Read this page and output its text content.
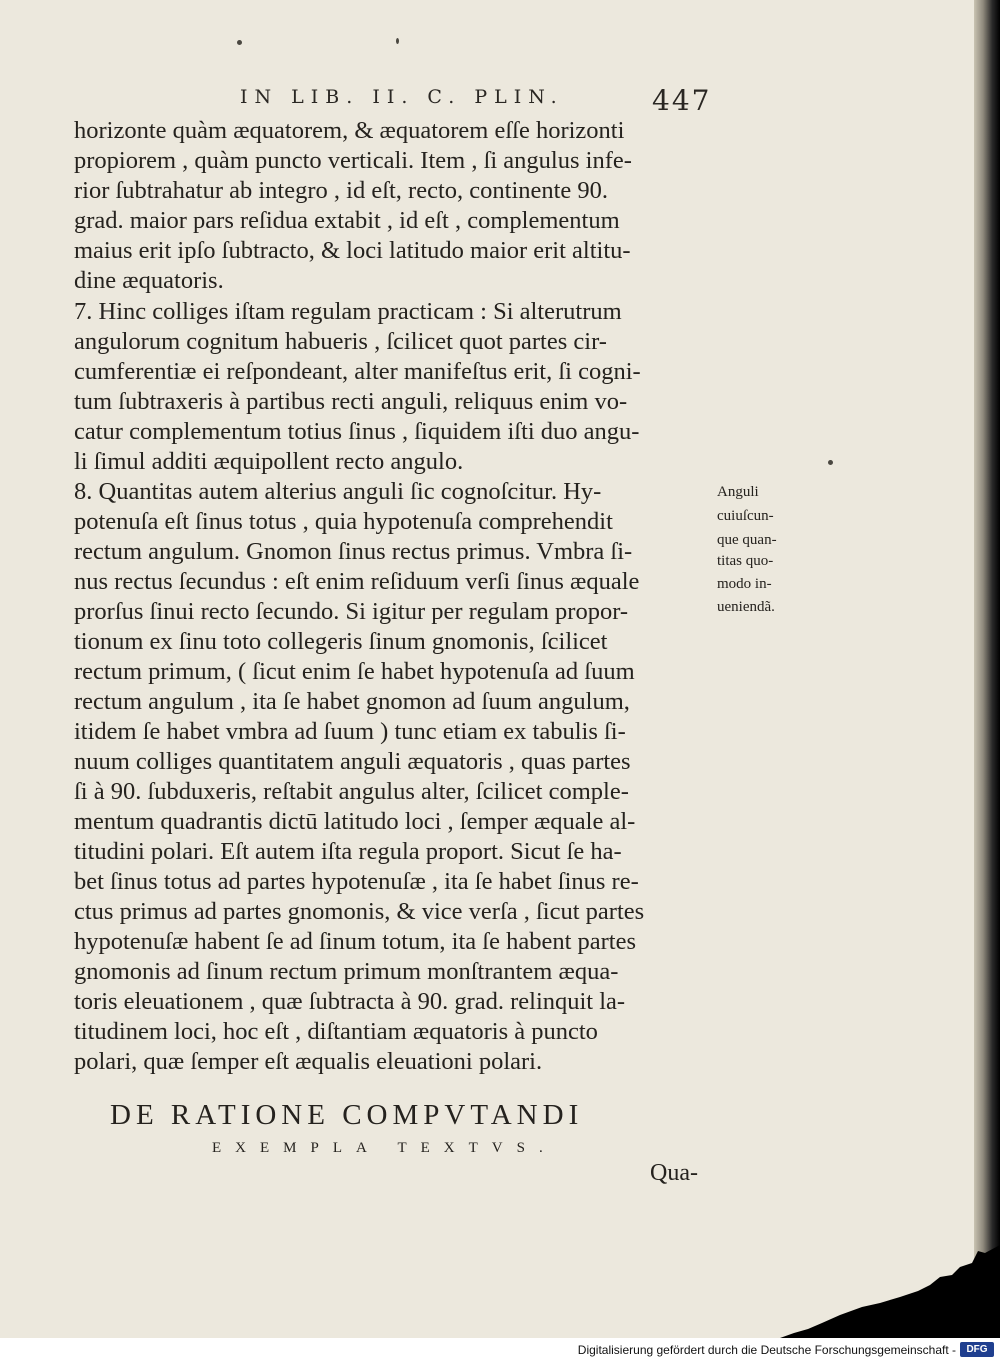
IN LIB. II. C. PLIN.	447
horizonte quàm æquatorem, & æquatorem eſſe horizonti
propiorem , quàm puncto verticali. Item , ſi angulus infe-
rior ſubtrahatur ab integro , id eſt, recto, continente 90.
grad. maior pars reſidua extabit , id eſt , complementum
maius erit ipſo ſubtracto, & loci latitudo maior erit altitu-
dine æquatoris.
7. Hinc colliges iſtam regulam practicam : Si alterutrum
angulorum cognitum habueris , ſcilicet quot partes cir-
cumferentiæ ei reſpondeant, alter manifeſtus erit, ſi cogni-
tum ſubtraxeris à partibus recti anguli, reliquus enim vo-
catur complementum totius ſinus , ſiquidem iſti duo angu-
li ſimul additi æquipollent recto angulo.
8. Quantitas autem alterius anguli ſic cognoſcitur. Hy-
potenuſa eſt ſinus totus , quia hypotenuſa comprehendit
rectum angulum. Gnomon ſinus rectus primus. Vmbra ſi-
nus rectus ſecundus : eſt enim reſiduum verſi ſinus æquale
prorſus ſinui recto ſecundo. Si igitur per regulam propor-
tionum ex ſinu toto collegeris ſinum gnomonis, ſcilicet
rectum primum, ( ſicut enim ſe habet hypotenuſa ad ſuum
rectum angulum , ita ſe habet gnomon ad ſuum angulum,
itidem ſe habet vmbra ad ſuum ) tunc etiam ex tabulis ſi-
nuum colliges quantitatem anguli æquatoris , quas partes
ſi à 90. ſubduxeris, reſtabit angulus alter, ſcilicet comple-
mentum quadrantis dictū latitudo loci , ſemper æquale al-
titudini polari. Eſt autem iſta regula proport. Sicut ſe ha-
bet ſinus totus ad partes hypotenuſæ , ita ſe habet ſinus re-
ctus primus ad partes gnomonis, & vice verſa , ſicut partes
hypotenuſæ habent ſe ad ſinum totum, ita ſe habent partes
gnomonis ad ſinum rectum primum monſtrantem æqua-
toris eleuationem , quæ ſubtracta à 90. grad. relinquit la-
titudinem loci, hoc eſt , diſtantiam æquatoris à puncto
polari, quæ ſemper eſt æqualis eleuationi polari.
Anguli
cuiuſcun-
que quan-
titas quo-
modo in-
ueniendã.
DE RATIONE COMPVTANDI
EXEMPLA TEXTVS.
Qua-
Digitalisierung gefördert durch die Deutsche Forschungsgemeinschaft -	DFG
